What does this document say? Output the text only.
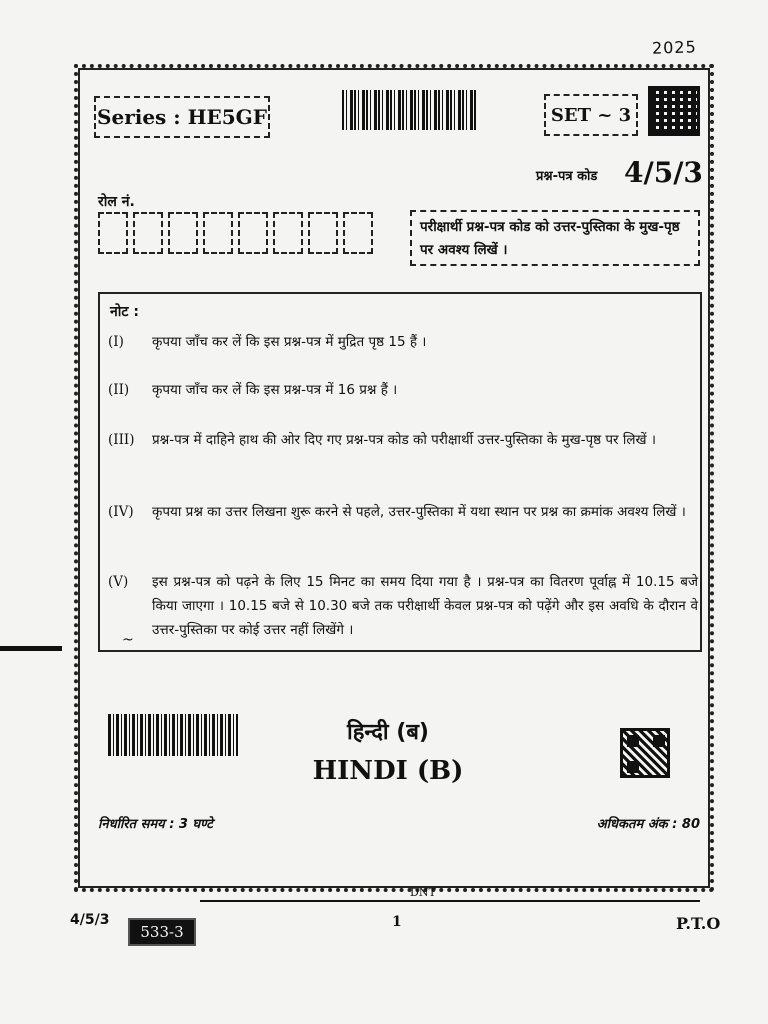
2025
Series : HE5GF	SET ~ 3
प्रश्न-पत्र कोड 4/5/3
रोल नं.
परीक्षार्थी प्रश्न-पत्र कोड को उत्तर-पुस्तिका के मुख-पृष्ठ पर अवश्य लिखें ।
नोट :
(I)	कृपया जाँच कर लें कि इस प्रश्न-पत्र में मुद्रित पृष्ठ 15 हैं ।
(II)	कृपया जाँच कर लें कि इस प्रश्न-पत्र में 16 प्रश्न हैं ।
(III)	प्रश्न-पत्र में दाहिने हाथ की ओर दिए गए प्रश्न-पत्र कोड को परीक्षार्थी उत्तर-पुस्तिका के मुख-पृष्ठ पर लिखें ।
(IV)	कृपया प्रश्न का उत्तर लिखना शुरू करने से पहले, उत्तर-पुस्तिका में यथा स्थान पर प्रश्न का क्रमांक अवश्य लिखें ।
(V)	इस प्रश्न-पत्र को पढ़ने के लिए 15 मिनट का समय दिया गया है । प्रश्न-पत्र का वितरण पूर्वाह्न में 10.15 बजे किया जाएगा । 10.15 बजे से 10.30 बजे तक परीक्षार्थी केवल प्रश्न-पत्र को पढ़ेंगे और इस अवधि के दौरान वे उत्तर-पुस्तिका पर कोई उत्तर नहीं लिखेंगे ।
~
हिन्दी (ब)
HINDI (B)
निर्धारित समय : 3 घण्टे	अधिकतम अंक : 80
DNT
4/5/3
533-3
1	P.T.O
